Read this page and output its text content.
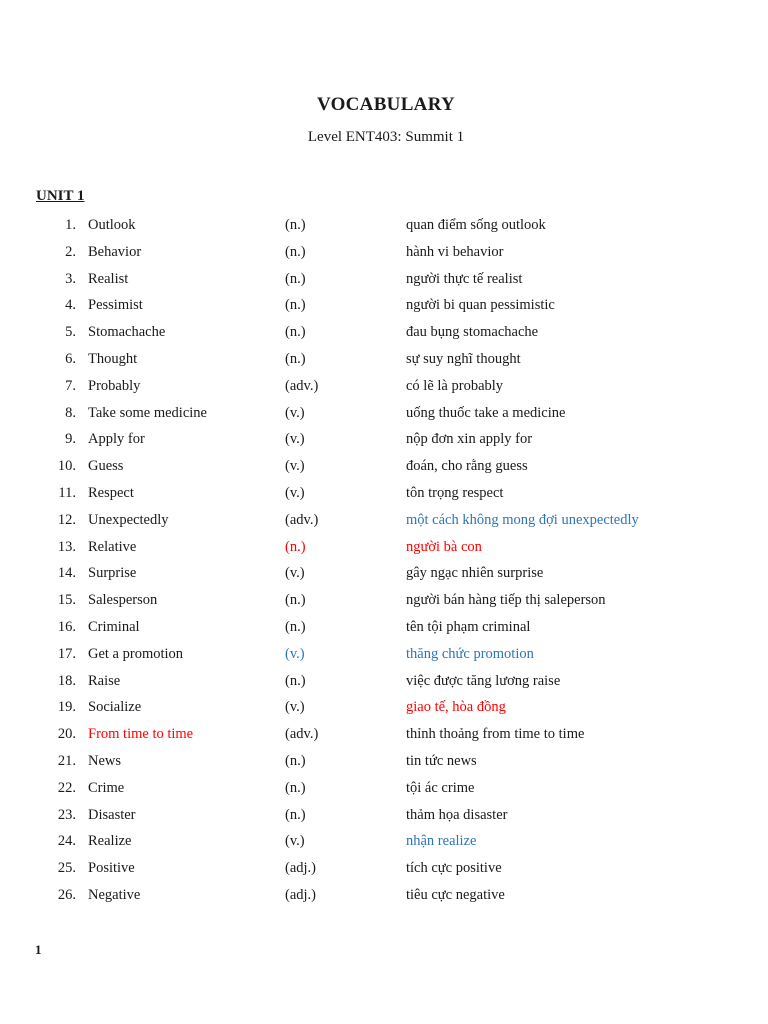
VOCABULARY
Level ENT403: Summit 1
UNIT 1
1. Outlook	(n.)	quan điểm sống outlook
2. Behavior	(n.)	hành vi behavior
3. Realist	(n.)	người thực tế realist
4. Pessimist	(n.)	người bi quan pessimistic
5. Stomachache	(n.)	đau bụng stomachache
6. Thought	(n.)	sự suy nghĩ thought
7. Probably	(adv.)	có lẽ là probably
8. Take some medicine	(v.)	uống thuốc take a medicine
9. Apply for	(v.)	nộp đơn xin apply for
10. Guess	(v.)	đoán, cho rằng guess
11. Respect	(v.)	tôn trọng respect
12. Unexpectedly	(adv.)	một cách không mong đợi unexpectedly
13. Relative	(n.)	người bà con
14. Surprise	(v.)	gây ngạc nhiên surprise
15. Salesperson	(n.)	người bán hàng tiếp thị saleperson
16. Criminal	(n.)	tên tội phạm criminal
17. Get a promotion	(v.)	thăng chức promotion
18. Raise	(n.)	việc được tăng lương raise
19. Socialize	(v.)	giao tế, hòa đồng
20. From time to time	(adv.)	thỉnh thoảng from time to time
21. News	(n.)	tin tức news
22. Crime	(n.)	tội ác crime
23. Disaster	(n.)	thảm họa disaster
24. Realize	(v.)	nhận realize
25. Positive	(adj.)	tích cực positive
26. Negative	(adj.)	tiêu cực negative
1
